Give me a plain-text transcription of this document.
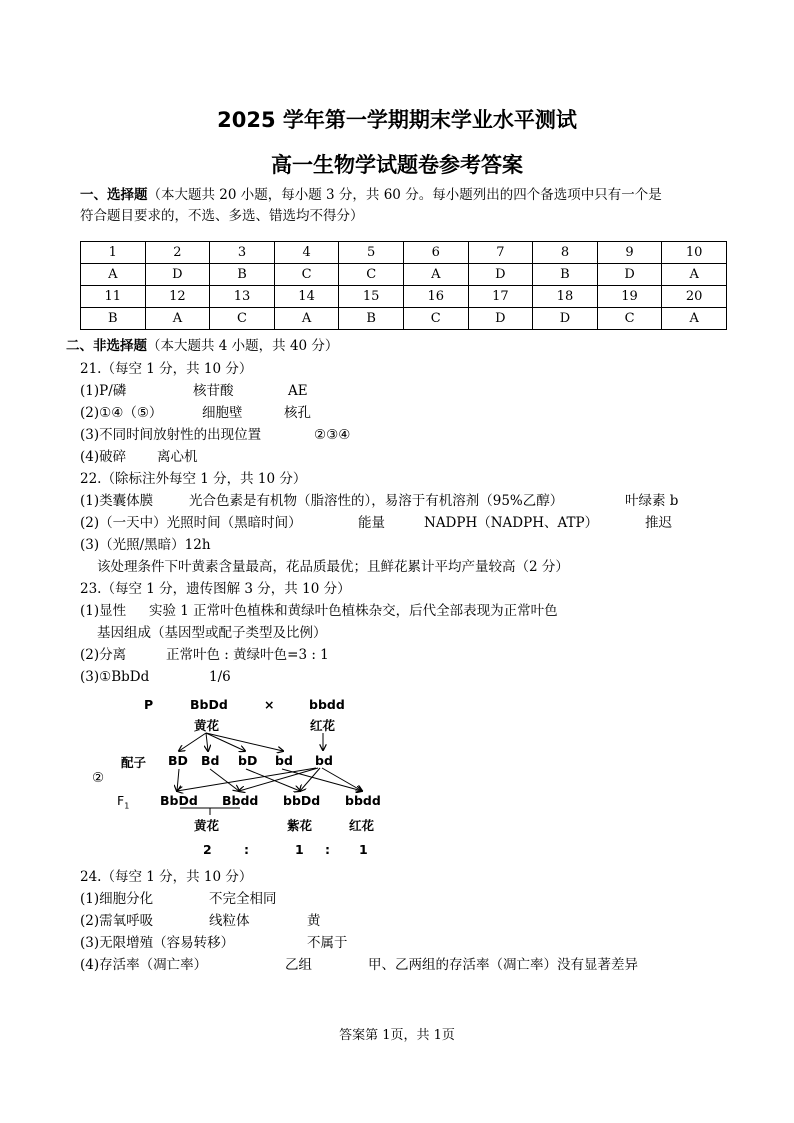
2025 学年第一学期期末学业水平测试
高一生物学试题卷参考答案
一、选择题（本大题共 20 小题，每小题 3 分，共 60 分。每小题列出的四个备选项中只有一个是
符合题目要求的，不选、多选、错选均不得分）
1	2	3	4	5	6	7	8	9	10
A	D	B	C	C	A	D	B	D	A
11	12	13	14	15	16	17	18	19	20
B	A	C	A	B	C	D	D	C	A
二、非选择题（本大题共 4 小题，共 40 分）
21.（每空 1 分，共 10 分）
(1)P/磷	核苷酸	AE
(2)①④（⑤）	细胞壁	核孔
(3)不同时间放射性的出现位置	②③④
(4)破碎 离心机
22.（除标注外每空 1 分，共 10 分）
(1)类囊体膜	光合色素是有机物（脂溶性的），易溶于有机溶剂（95%乙醇）	叶绿素 b
(2)（一天中）光照时间（黑暗时间）	能量	NADPH（NADPH、ATP）	推迟
(3)（光照/黑暗）12h
该处理条件下叶黄素含量最高，花品质最优；且鲜花累计平均产量较高（2 分）
23.（每空 1 分，遗传图解 3 分，共 10 分）
(1)显性 实验 1 正常叶色植株和黄绿叶色植株杂交，后代全部表现为正常叶色
基因组成（基因型或配子类型及比例）
(2)分离	正常叶色 : 黄绿叶色=3 : 1
(3)①BbDd	1/6
②
P	BbDd	×	bbdd
黄花	红花
配子 BD Bd bD bd bd
$F_1$ BbDd Bbdd bbDd bbdd
黄花	紫花	红花
2	:	1 : 1
24.（每空 1 分，共 10 分）
(1)细胞分化	不完全相同
(2)需氧呼吸	线粒体	黄
(3)无限增殖（容易转移）	不属于
(4)存活率（凋亡率）	乙组	甲、乙两组的存活率（凋亡率）没有显著差异
答案第 1页，共 1页
